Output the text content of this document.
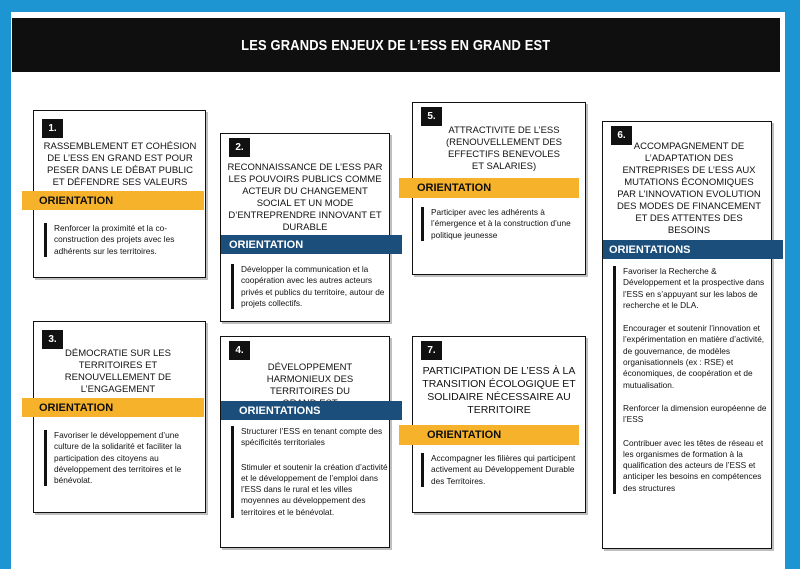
LES GRANDS ENJEUX DE L’ESS EN GRAND EST
1.
RASSEMBLEMENT ET COHÉSION DE L’ESS EN GRAND EST POUR PESER DANS LE DÉBAT PUBLIC ET DÉFENDRE SES VALEURS
ORIENTATION

Renforcer la proximité et la co-construction des projets avec les adhérents sur les territoires.

2.
RECONNAISSANCE DE L’ESS PAR LES POUVOIRS PUBLICS COMME ACTEUR DU CHANGEMENT SOCIAL ET UN MODE D’ENTREPRENDRE INNOVANT ET DURABLE
ORIENTATION

Développer la communication et la coopération avec les autres acteurs privés et publics du territoire, autour de projets collectifs.

3.
DÉMOCRATIE SUR LES TERRITOIRES ET RENOUVELLEMENT DE L’ENGAGEMENT
ORIENTATION

Favoriser le développement d’une culture de la solidarité et faciliter la participation des citoyens au développement des territoires et le bénévolat.

4.
DÉVELOPPEMENT HARMONIEUX DES TERRITOIRES DU
ORIENTATIONS

Structurer l’ESS en tenant compte des spécificités territoriales

Stimuler et soutenir la création d’activité et le développement de l’emploi dans l’ESS dans le rural et les villes moyennes au développement des territoires et le bénévolat.

5.
ATTRACTIVITE DE L’ESS (RENOUVELLEMENT DES EFFECTIFS BENEVOLES ET SALARIES)
ORIENTATION

Participer avec les adhérents à l’émergence et à la construction d’une politique jeunesse

7.
PARTICIPATION DE L’ESS À LA TRANSITION ÉCOLOGIQUE ET SOLIDAIRE NÉCESSAIRE AU TERRITOIRE
ORIENTATION

Accompagner les filières qui participent activement au Développement Durable des Territoires.

6.
ACCOMPAGNEMENT DE L’ADAPTATION DES ENTREPRISES DE L’ESS AUX MUTATIONS ÉCONOMIQUES PAR L’INNOVATION EVOLUTION DES MODES DE FINANCEMENT ET DES ATTENTES DES BESOINS
ORIENTATIONS

Favoriser la Recherche & Développement et la prospective dans l’ESS en s’appuyant sur les labos de recherche et le DLA.

Encourager et soutenir l’innovation et l’expérimentation en matière d’activité, de gouvernance, de modèles organisationnels (ex : RSE) et économiques, de coopération et de mutualisation.

Renforcer la dimension européenne de l’ESS

Contribuer avec les têtes de réseau et les organismes de formation à la qualification des acteurs de l’ESS et anticiper les besoins en compétences des structures
